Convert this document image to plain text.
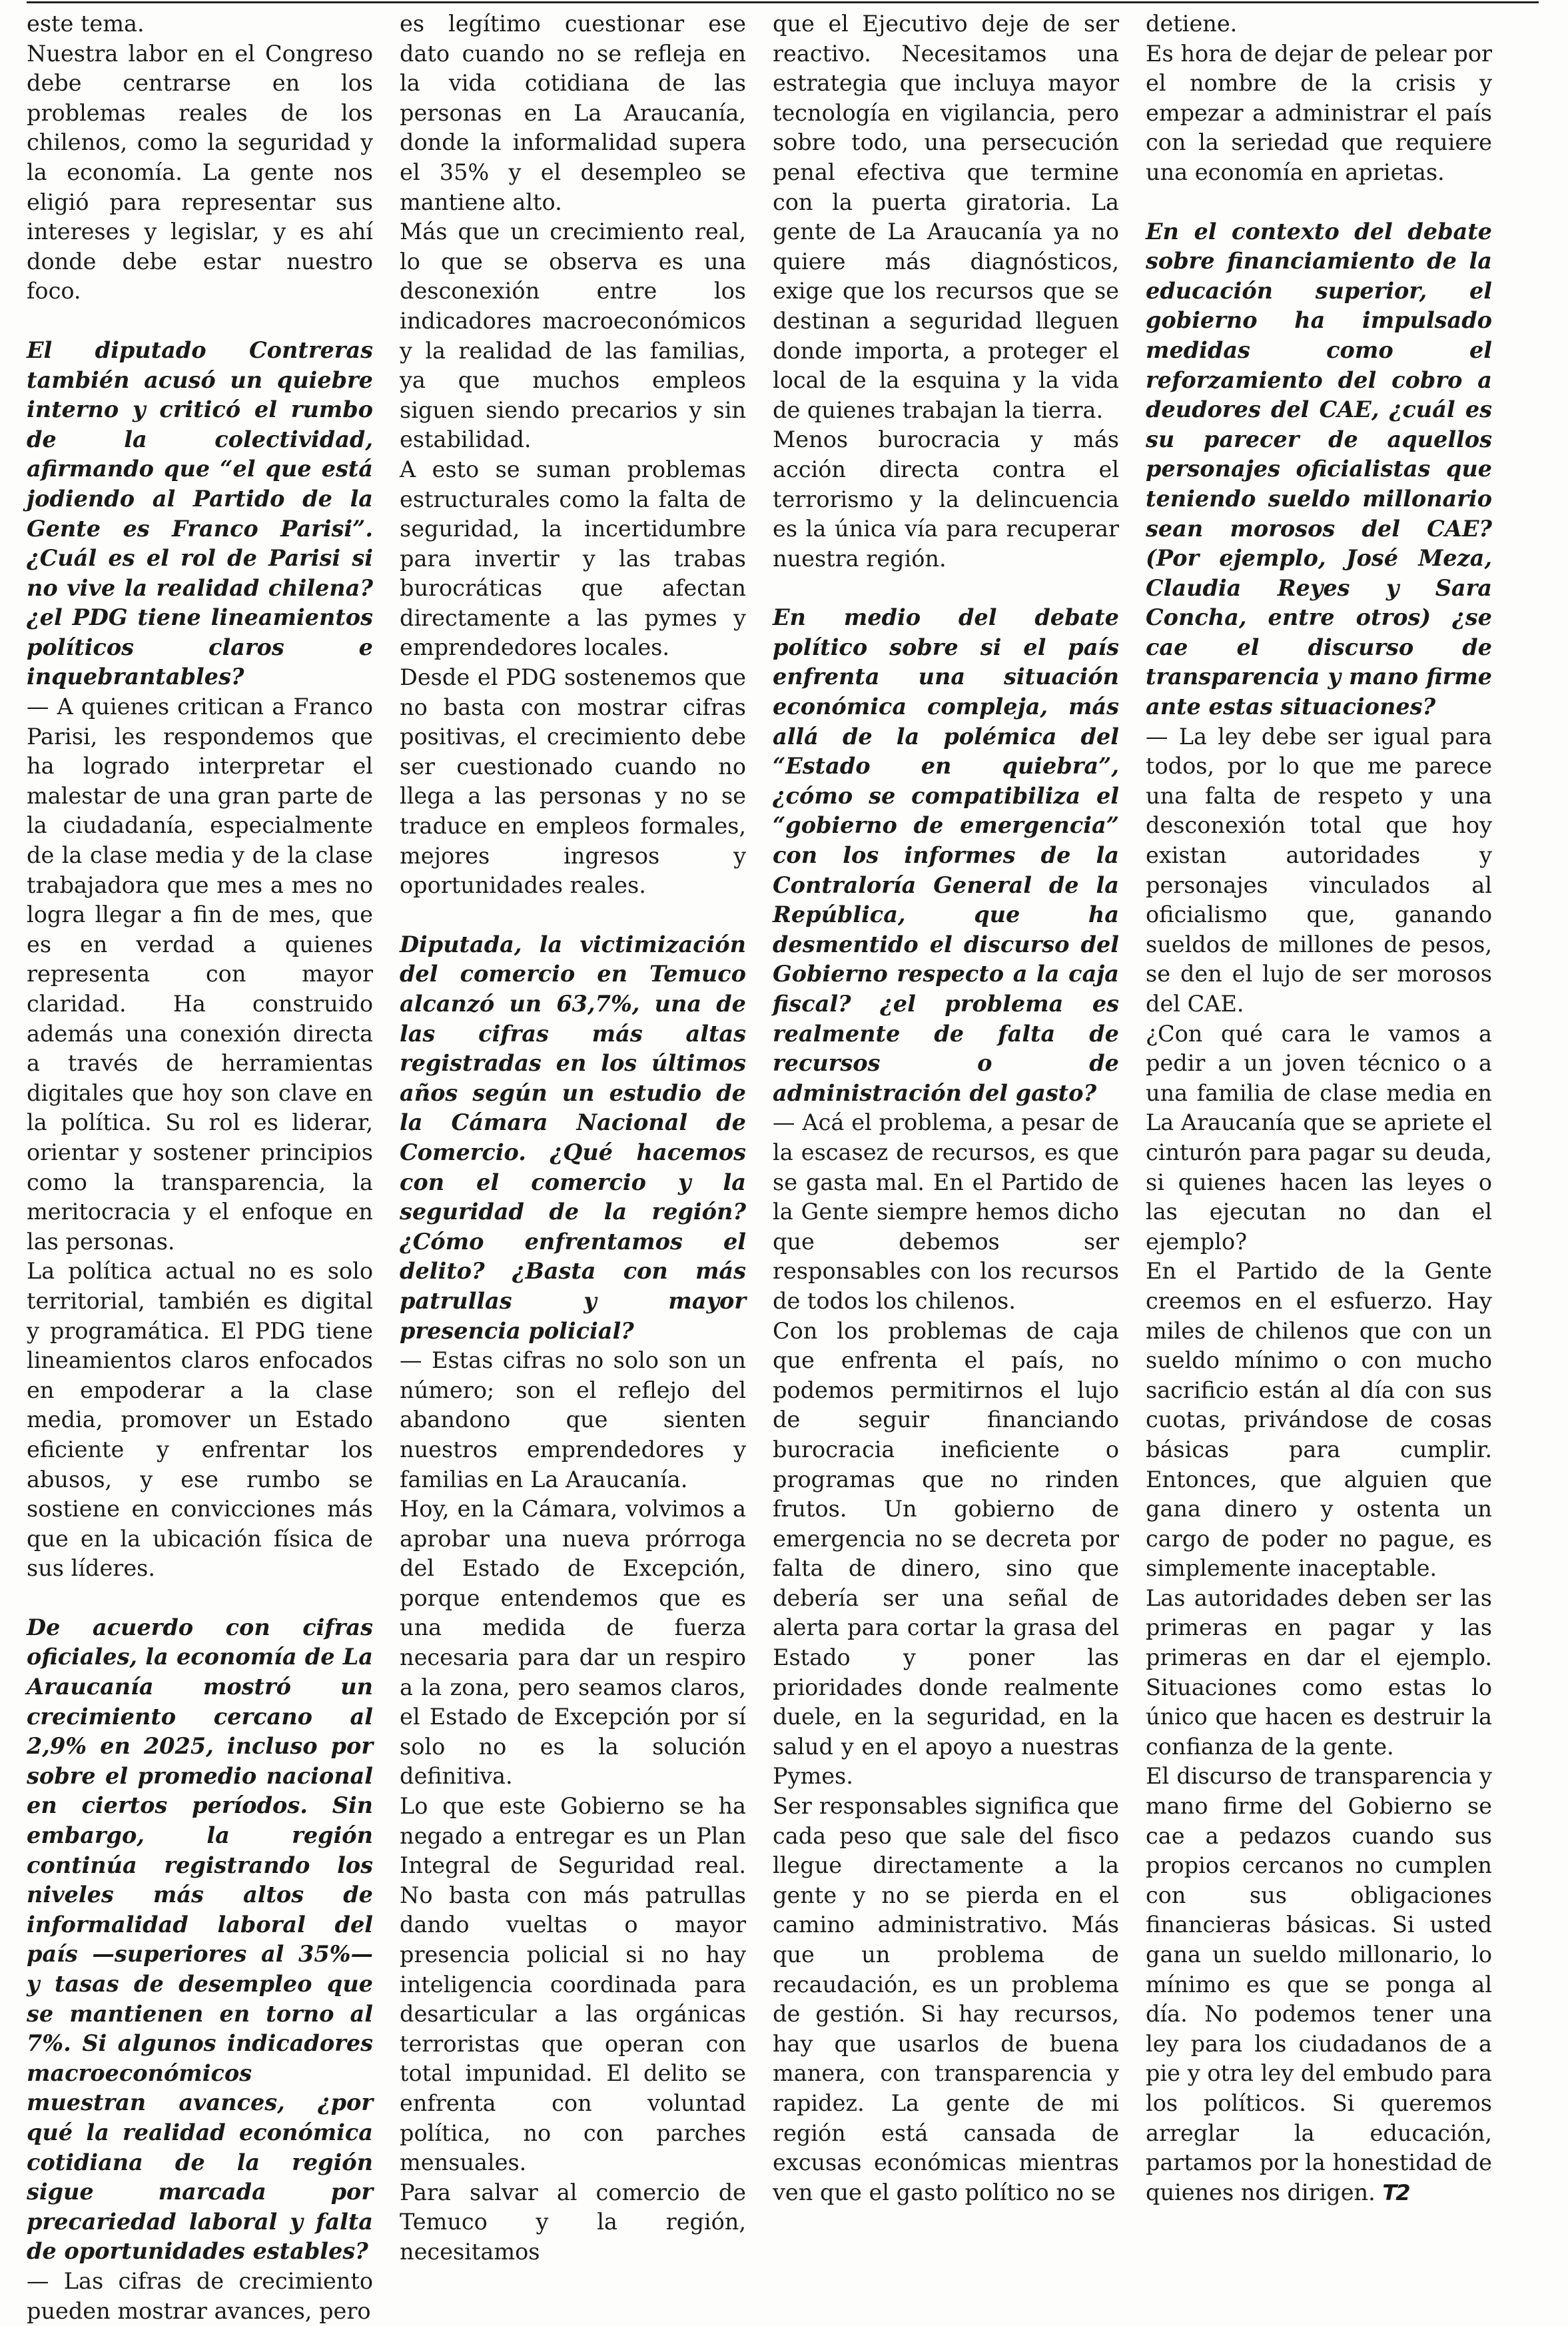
este tema.

Nuestra labor en el Congreso debe centrarse en los problemas reales de los chilenos, como la seguridad y la economía. La gente nos eligió para representar sus intereses y legislar, y es ahí donde debe estar nuestro foco.

El diputado Contreras también acusó un quiebre interno y criticó el rumbo de la colectividad, afirmando que “el que está jodiendo al Partido de la Gente es Franco Parisi”. ¿Cuál es el rol de Parisi si no vive la realidad chilena? ¿el PDG tiene lineamientos políticos claros e inquebrantables?

— A quienes critican a Franco Parisi, les respondemos que ha logrado interpretar el malestar de una gran parte de la ciudadanía, especialmente de la clase media y de la clase trabajadora que mes a mes no logra llegar a fin de mes, que es en verdad a quienes representa con mayor claridad. Ha construido además una conexión directa a través de herramientas digitales que hoy son clave en la política. Su rol es liderar, orientar y sostener principios como la transparencia, la meritocracia y el enfoque en las personas.

La política actual no es solo territorial, también es digital y programática. El PDG tiene lineamientos claros enfocados en empoderar a la clase media, promover un Estado eficiente y enfrentar los abusos, y ese rumbo se sostiene en convicciones más que en la ubicación física de sus líderes.

De acuerdo con cifras oficiales, la economía de La Araucanía mostró un crecimiento cercano al 2,9% en 2025, incluso por sobre el promedio nacional en ciertos períodos. Sin embargo, la región continúa registrando los niveles más altos de informalidad laboral del país —superiores al 35%— y tasas de desempleo que se mantienen en torno al 7%. Si algunos indicadores macroeconómicos muestran avances, ¿por qué la realidad económica cotidiana de la región sigue marcada por precariedad laboral y falta de oportunidades estables?

— Las cifras de crecimiento pueden mostrar avances, pero

es legítimo cuestionar ese dato cuando no se refleja en la vida cotidiana de las personas en La Araucanía, donde la informalidad supera el 35% y el desempleo se mantiene alto.

Más que un crecimiento real, lo que se observa es una desconexión entre los indicadores macroeconómicos y la realidad de las familias, ya que muchos empleos siguen siendo precarios y sin estabilidad.

A esto se suman problemas estructurales como la falta de seguridad, la incertidumbre para invertir y las trabas burocráticas que afectan directamente a las pymes y emprendedores locales.

Desde el PDG sostenemos que no basta con mostrar cifras positivas, el crecimiento debe ser cuestionado cuando no llega a las personas y no se traduce en empleos formales, mejores ingresos y oportunidades reales.

Diputada, la victimización del comercio en Temuco alcanzó un 63,7%, una de las cifras más altas registradas en los últimos años según un estudio de la Cámara Nacional de Comercio. ¿Qué hacemos con el comercio y la seguridad de la región? ¿Cómo enfrentamos el delito? ¿Basta con más patrullas y mayor presencia policial?

— Estas cifras no solo son un número; son el reflejo del abandono que sienten nuestros emprendedores y familias en La Araucanía.

Hoy, en la Cámara, volvimos a aprobar una nueva prórroga del Estado de Excepción, porque entendemos que es una medida de fuerza necesaria para dar un respiro a la zona, pero seamos claros, el Estado de Excepción por sí solo no es la solución definitiva.

Lo que este Gobierno se ha negado a entregar es un Plan Integral de Seguridad real. No basta con más patrullas dando vueltas o mayor presencia policial si no hay inteligencia coordinada para desarticular a las orgánicas terroristas que operan con total impunidad. El delito se enfrenta con voluntad política, no con parches mensuales.

Para salvar al comercio de Temuco y la región, necesitamos

que el Ejecutivo deje de ser reactivo. Necesitamos una estrategia que incluya mayor tecnología en vigilancia, pero sobre todo, una persecución penal efectiva que termine con la puerta giratoria. La gente de La Araucanía ya no quiere más diagnósticos, exige que los recursos que se destinan a seguridad lleguen donde importa, a proteger el local de la esquina y la vida de quienes trabajan la tierra.

Menos burocracia y más acción directa contra el terrorismo y la delincuencia es la única vía para recuperar nuestra región.

En medio del debate político sobre si el país enfrenta una situación económica compleja, más allá de la polémica del “Estado en quiebra”, ¿cómo se compatibiliza el “gobierno de emergencia” con los informes de la Contraloría General de la República, que ha desmentido el discurso del Gobierno respecto a la caja fiscal? ¿el problema es realmente de falta de recursos o de administración del gasto?

— Acá el problema, a pesar de la escasez de recursos, es que se gasta mal. En el Partido de la Gente siempre hemos dicho que debemos ser responsables con los recursos de todos los chilenos.

Con los problemas de caja que enfrenta el país, no podemos permitirnos el lujo de seguir financiando burocracia ineficiente o programas que no rinden frutos. Un gobierno de emergencia no se decreta por falta de dinero, sino que debería ser una señal de alerta para cortar la grasa del Estado y poner las prioridades donde realmente duele, en la seguridad, en la salud y en el apoyo a nuestras Pymes.

Ser responsables significa que cada peso que sale del fisco llegue directamente a la gente y no se pierda en el camino administrativo. Más que un problema de recaudación, es un problema de gestión. Si hay recursos, hay que usarlos de buena manera, con transparencia y rapidez. La gente de mi región está cansada de excusas económicas mientras ven que el gasto político no se

detiene.

Es hora de dejar de pelear por el nombre de la crisis y empezar a administrar el país con la seriedad que requiere una economía en aprietas.

En el contexto del debate sobre financiamiento de la educación superior, el gobierno ha impulsado medidas como el reforzamiento del cobro a deudores del CAE, ¿cuál es su parecer de aquellos personajes oficialistas que teniendo sueldo millonario sean morosos del CAE? (Por ejemplo, José Meza, Claudia Reyes y Sara Concha, entre otros) ¿se cae el discurso de transparencia y mano firme ante estas situaciones?

— La ley debe ser igual para todos, por lo que me parece una falta de respeto y una desconexión total que hoy existan autoridades y personajes vinculados al oficialismo que, ganando sueldos de millones de pesos, se den el lujo de ser morosos del CAE.

¿Con qué cara le vamos a pedir a un joven técnico o a una familia de clase media en La Araucanía que se apriete el cinturón para pagar su deuda, si quienes hacen las leyes o las ejecutan no dan el ejemplo?

En el Partido de la Gente creemos en el esfuerzo. Hay miles de chilenos que con un sueldo mínimo o con mucho sacrificio están al día con sus cuotas, privándose de cosas básicas para cumplir. Entonces, que alguien que gana dinero y ostenta un cargo de poder no pague, es simplemente inaceptable.

Las autoridades deben ser las primeras en pagar y las primeras en dar el ejemplo. Situaciones como estas lo único que hacen es destruir la confianza de la gente.

El discurso de transparencia y mano firme del Gobierno se cae a pedazos cuando sus propios cercanos no cumplen con sus obligaciones financieras básicas. Si usted gana un sueldo millonario, lo mínimo es que se ponga al día. No podemos tener una ley para los ciudadanos de a pie y otra ley del embudo para los políticos. Si queremos arreglar la educación, partamos por la honestidad de quienes nos dirigen. T2
